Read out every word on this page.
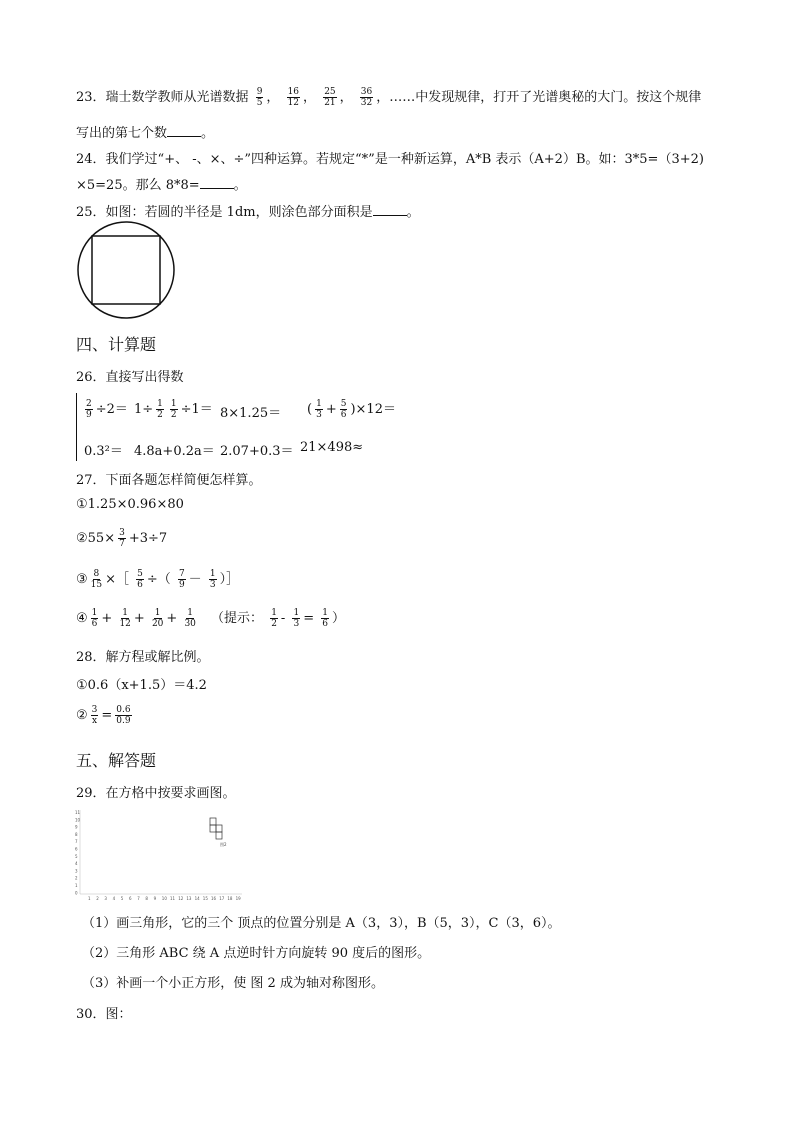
23．瑞士数学教师从光谱数据 $\frac{9}{5}$ ， $\frac{16}{12}$ ， $\frac{25}{21}$ ， $\frac{36}{32}$ ，……中发现规律，打开了光谱奥秘的大门。按这个规律
写出的第七个数	。
24．我们学过“+、 -、×、÷”四种运算。若规定“*”是一种新运算，A*B 表示（A+2）B。如：3*5=（3+2)
×5=25。那么 8*8=	。
25．如图：若圆的半径是 1dm，则涂色部分面积是	。
四、计算题
26．直接写出得数
$\frac{2}{9} \div 2= 1\div \frac{1}{2} \frac{1}{2} \div 1= 8\times 1.25=$ ( $\frac{1}{3} + \frac{5}{6} )\times 12=$
0.3²＝ 4.8a+0.2a＝ 2.07+0.3＝ 21×498≈
27．下面各题怎样简便怎样算。
①1.25×0.96×80
②55× $\frac{3}{7} +3\div 7$
③ $\frac{8}{15}$ ×［ $\frac{5}{6}$ ÷（ $\frac{7}{9} - \frac{1}{3}$ ）］
④ $\frac{1}{6} + \frac{1}{12} + \frac{1}{20} + \frac{1}{30}$ （提示： $\frac{1}{2} - \frac{1}{3} = \frac{1}{6}$ ）
28．解方程或解比例。
①0.6（x+1.5）＝4.2
② $\frac{3}{x} = \frac{0.6}{0.9}$
五、解答题
29．在方格中按要求画图。
11
10
9
8
7
6
5
4
3
2
1
0
1 2 3 4 5 6 7 8 9 10 11 12 13 14 15 16 17 18 19
图2
（1）画三角形，它的三个 顶点的位置分别是 A（3，3），B（5，3），C（3，6）。
（2）三角形 ABC 绕 A 点逆时针方向旋转 90 度后的图形。
（3）补画一个小正方形，使 图 2 成为轴对称图形。
30．图：
